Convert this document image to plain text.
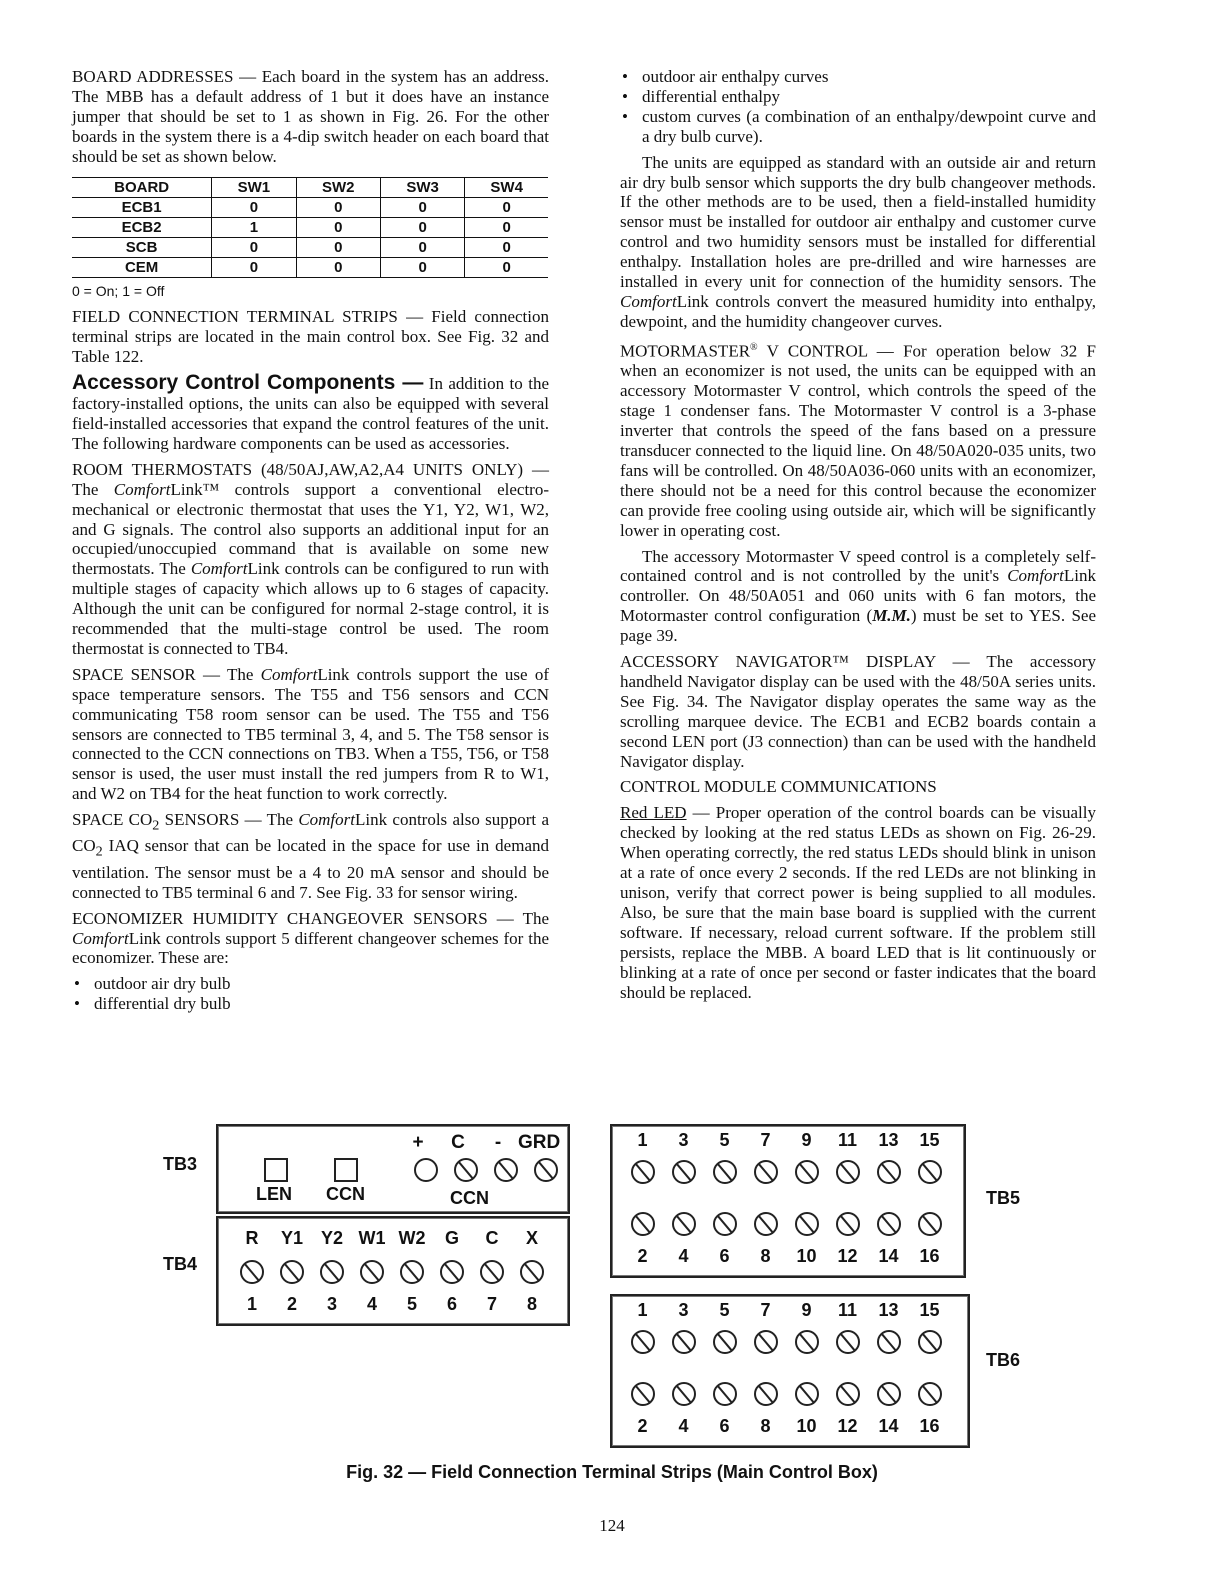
BOARD ADDRESSES — Each board in the system has an address. The MBB has a default address of 1 but it does have an instance jumper that should be set to 1 as shown in Fig. 26. For the other boards in the system there is a 4-dip switch header on each board that should be set as shown below.

BOARD	SW1	SW2	SW3	SW4
ECB1	0	0	0	0
ECB2	1	0	0	0
SCB	0	0	0	0
CEM	0	0	0	0
0 = On; 1 = Off

FIELD CONNECTION TERMINAL STRIPS — Field connection terminal strips are located in the main control box. See Fig. 32 and Table 122.

Accessory Control Components — In addition to the factory-installed options, the units can also be equipped with several field-installed accessories that expand the control features of the unit. The following hardware components can be used as accessories.

ROOM THERMOSTATS (48/50AJ,AW,A2,A4 UNITS ONLY) — The ComfortLink™ controls support a conventional electro-mechanical or electronic thermostat that uses the Y1, Y2, W1, W2, and G signals. The control also supports an additional input for an occupied/unoccupied command that is available on some new thermostats. The ComfortLink controls can be configured to run with multiple stages of capacity which allows up to 6 stages of capacity. Although the unit can be configured for normal 2-stage control, it is recommended that the multi-stage control be used. The room thermostat is connected to TB4.

SPACE SENSOR — The ComfortLink controls support the use of space temperature sensors. The T55 and T56 sensors and CCN communicating T58 room sensor can be used. The T55 and T56 sensors are connected to TB5 terminal 3, 4, and 5. The T58 sensor is connected to the CCN connections on TB3. When a T55, T56, or T58 sensor is used, the user must install the red jumpers from R to W1, and W2 on TB4 for the heat function to work correctly.

SPACE $CO_2$ SENSORS — The ComfortLink controls also support a $CO_2$ IAQ sensor that can be located in the space for use in demand ventilation. The sensor must be a 4 to 20 mA sensor and should be connected to TB5 terminal 6 and 7. See Fig. 33 for sensor wiring.

ECONOMIZER HUMIDITY CHANGEOVER SENSORS — The ComfortLink controls support 5 different changeover schemes for the economizer. These are:

• outdoor air dry bulb
• differential dry bulb
• outdoor air enthalpy curves
• differential enthalpy
• custom curves (a combination of an enthalpy/dewpoint curve and a dry bulb curve).

The units are equipped as standard with an outside air and return air dry bulb sensor which supports the dry bulb changeover methods. If the other methods are to be used, then a field-installed humidity sensor must be installed for outdoor air enthalpy and customer curve control and two humidity sensors must be installed for differential enthalpy. Installation holes are pre-drilled and wire harnesses are installed in every unit for connection of the humidity sensors. The ComfortLink controls convert the measured humidity into enthalpy, dewpoint, and the humidity changeover curves.

MOTORMASTER® V CONTROL — For operation below 32 F when an economizer is not used, the units can be equipped with an accessory Motormaster V control, which controls the speed of the stage 1 condenser fans. The Motormaster V control is a 3-phase inverter that controls the speed of the fans based on a pressure transducer connected to the liquid line. On 48/50A020-035 units, two fans will be controlled. On 48/50A036-060 units with an economizer, there should not be a need for this control because the economizer can provide free cooling using outside air, which will be significantly lower in operating cost.

The accessory Motormaster V speed control is a completely self-contained control and is not controlled by the unit's ComfortLink controller. On 48/50A051 and 060 units with 6 fan motors, the Motormaster control configuration (M.M.) must be set to YES. See page 39.

ACCESSORY NAVIGATOR™ DISPLAY — The accessory handheld Navigator display can be used with the 48/50A series units. See Fig. 34. The Navigator display operates the same way as the scrolling marquee device. The ECB1 and ECB2 boards contain a second LEN port (J3 connection) than can be used with the handheld Navigator display.

CONTROL MODULE COMMUNICATIONS

Red LED — Proper operation of the control boards can be visually checked by looking at the red status LEDs as shown on Fig. 26-29. When operating correctly, the red status LEDs should blink in unison at a rate of once every 2 seconds. If the red LEDs are not blinking in unison, verify that correct power is being supplied to all modules. Also, be sure that the main base board is supplied with the current software. If necessary, reload current software. If the problem still persists, replace the MBB. A board LED that is lit continuously or blinking at a rate of once per second or faster indicates that the board should be replaced.

TB3
+	C	- GRD
LEN CCN	CCN
TB4
R	Y1 Y2 W1 W2	G	C	X
1	2	3	4	5	6	7	8
1	3	5	7	9	11	13	15
2	4	6	8	10	12	14	16
TB5
1	3	5	7	9	11	13	15
2	4	6	8	10	12	14	16
TB6
Fig. 32 — Field Connection Terminal Strips (Main Control Box)
124
